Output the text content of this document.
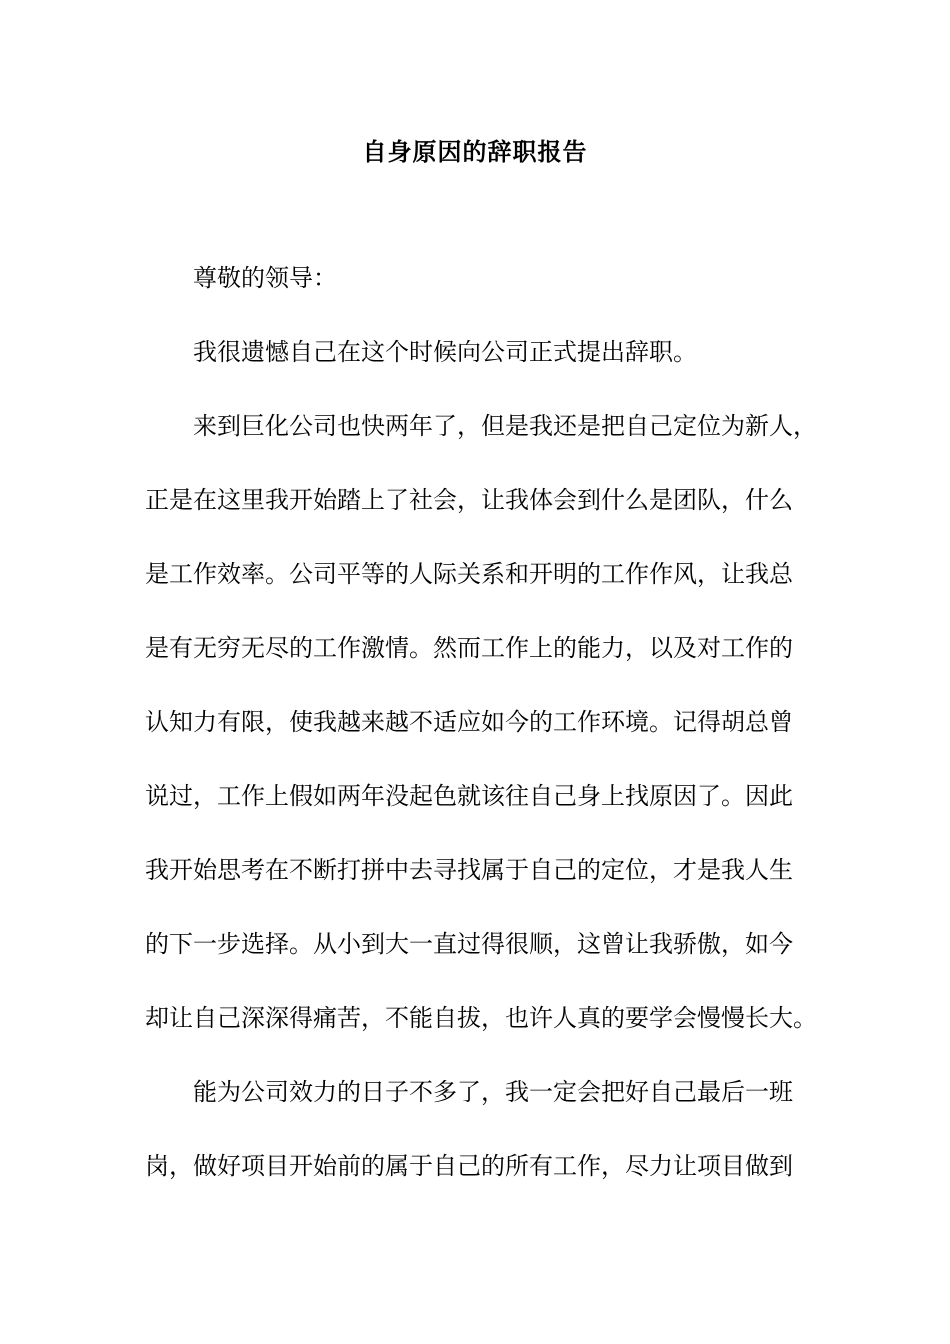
自身原因的辞职报告

尊敬的领导：

我很遗憾自己在这个时候向公司正式提出辞职。

来到巨化公司也快两年了，但是我还是把自己定位为新人，

正是在这里我开始踏上了社会，让我体会到什么是团队，什么

是工作效率。公司平等的人际关系和开明的工作作风，让我总

是有无穷无尽的工作激情。然而工作上的能力，以及对工作的

认知力有限，使我越来越不适应如今的工作环境。记得胡总曾

说过，工作上假如两年没起色就该往自己身上找原因了。因此

我开始思考在不断打拼中去寻找属于自己的定位，才是我人生

的下一步选择。从小到大一直过得很顺，这曾让我骄傲，如今

却让自己深深得痛苦，不能自拔，也许人真的要学会慢慢长大。

能为公司效力的日子不多了，我一定会把好自己最后一班

岗，做好项目开始前的属于自己的所有工作，尽力让项目做到
